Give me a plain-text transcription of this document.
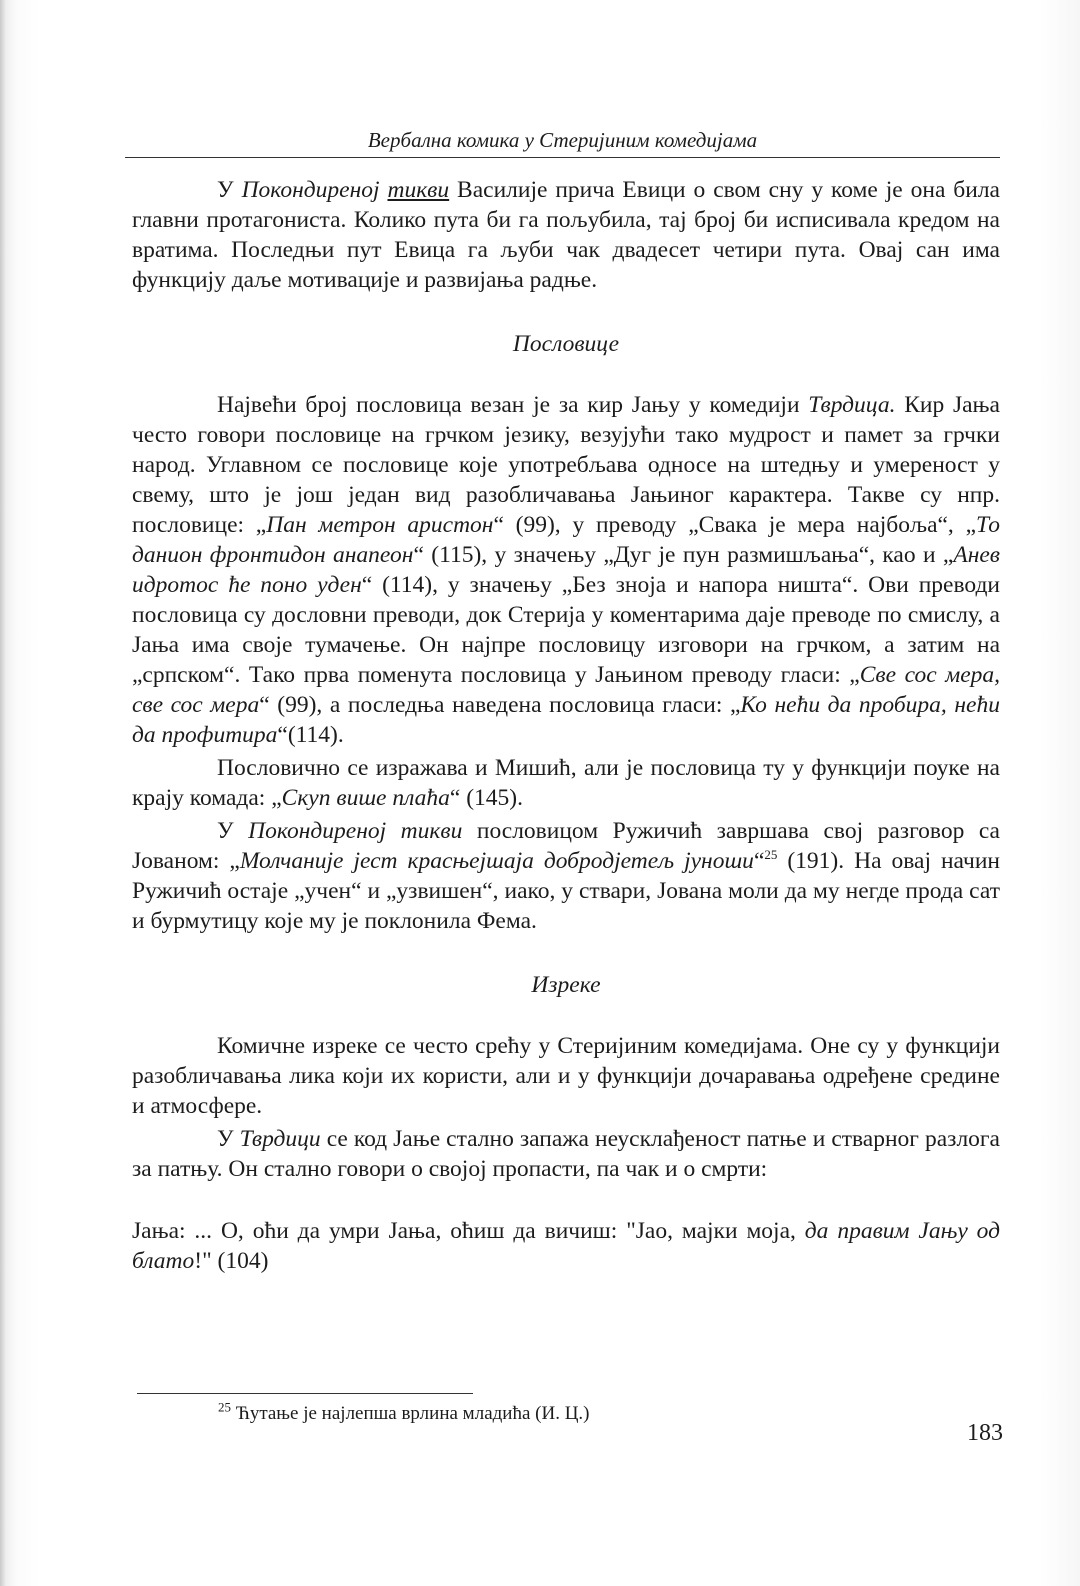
Вербална комика у Стеријиним комедијама

У Покондиреној тикви Василије прича Евици о свом сну у коме је она била главни протагониста. Колико пута би га пољубила, тај број би исписивала кредом на вратима. Последњи пут Евица га љуби чак двадесет четири пута. Овај сан има функцију даље мотивације и развијања радње.

Пословице

Највећи број пословица везан је за кир Јању у комедији Тврдица. Кир Јања често говори пословице на грчком језику, везујући тако мудрост и памет за грчки народ. Углавном се пословице које употребљава односе на штедњу и умереност у свему, што је још један вид разобличавања Јањиног карактера. Такве су нпр. пословице: „Пан метрон аристон“ (99), у преводу „Свака је мера најбоља“, „То данион фронтидон анапеон“ (115), у значењу „Дуг је пун размишљања“, као и „Анев идротос ће поно уден“ (114), у значењу „Без зноја и напора ништа“. Ови преводи пословица су дословни преводи, док Стерија у коментарима даје преводе по смислу, а Јања има своје тумачење. Он најпре пословицу изговори на грчком, а затим на „српском“. Тако прва поменута пословица у Јањином преводу гласи: „Све сос мера, све сос мера“ (99), а последња наведена пословица гласи: „Ко нећи да пробира, нећи да профитира“(114).

Пословично се изражава и Мишић, али је пословица ту у функцији поуке на крају комада: „Скуп више плаћа“ (145).

У Покондиреној тикви пословицом Ружичић завршава свој разговор са Јованом: „Молчаније јест красњејшаја добродјетељ јуноши“$^{25}$ (191). На овај начин Ружичић остаје „учен“ и „узвишен“, иако, у ствари, Јована моли да му негде прода сат и бурмутицу које му је поклонила Фема.

Изреке

Комичне изреке се често срећу у Стеријиним комедијама. Оне су у функцији разобличавања лика који их користи, али и у функцији дочаравања одређене средине и атмосфере.

У Тврдици се код Јање стално запажа неусклађеност патње и стварног разлога за патњу. Он стално говори о својој пропасти, па чак и о смрти:

Јања: ... О, оћи да умри Јања, оћиш да вичиш: "Јао, мајки моја, да правим Јању од блато!" (104)

$^{25}$ Ћутање је најлепша врлина младића (И. Ц.)
183
